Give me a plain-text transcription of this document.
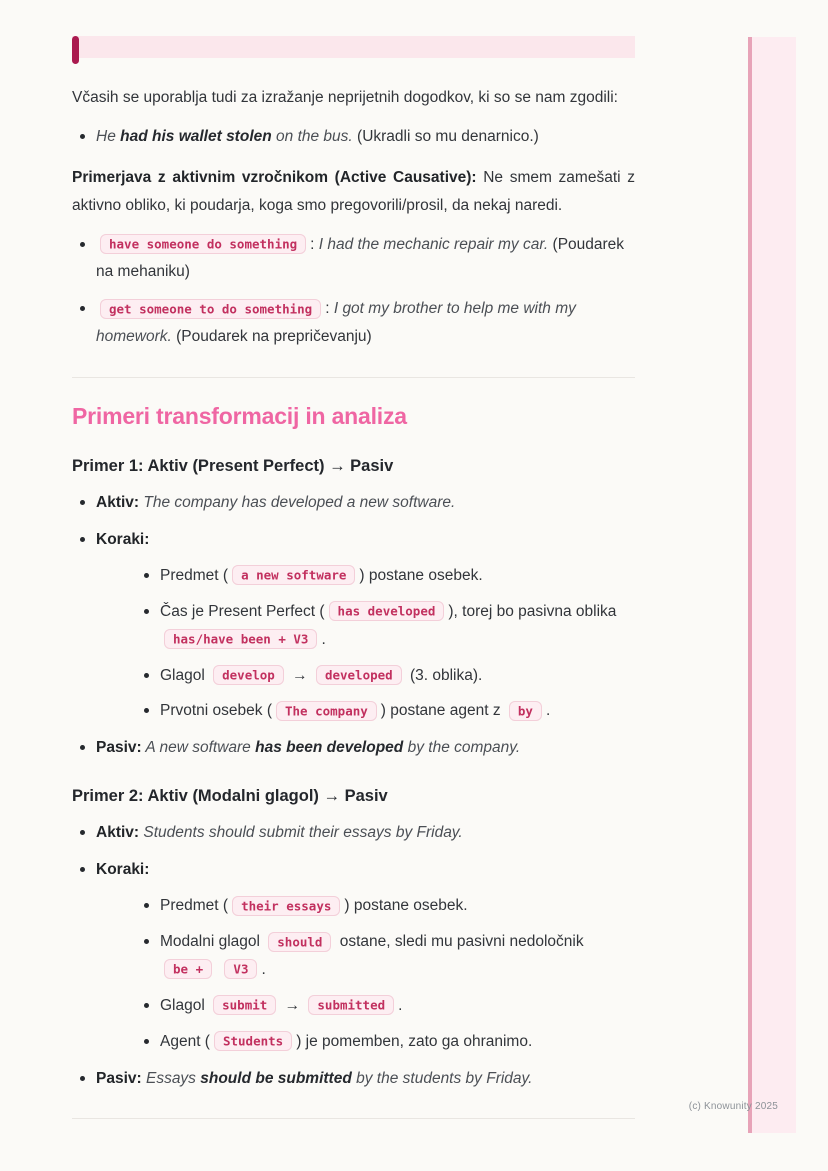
Včasih se uporablja tudi za izražanje neprijetnih dogodkov, ki so se nam zgodili:

He had his wallet stolen on the bus. (Ukradli so mu denarnico.)

Primerjava z aktivnim vzročnikom (Active Causative): Ne smem zamešati z aktivno obliko, ki poudarja, koga smo pregovorili/prosil, da nekaj naredi.

have someone do something : I had the mechanic repair my car. (Poudarek na mehaniku)
get someone to do something : I got my brother to help me with my homework. (Poudarek na prepričevanju)
Primeri transformacij in analiza
Primer 1: Aktiv (Present Perfect) → Pasiv
Aktiv: The company has developed a new software.
Koraki:
Predmet ( a new software ) postane osebek.
Čas je Present Perfect ( has developed ), torej bo pasivna oblika has/have been + V3 .
Glagol develop → developed (3. oblika).
Prvotni osebek ( The company ) postane agent z by .
Pasiv: A new software has been developed by the company.
Primer 2: Aktiv (Modalni glagol) → Pasiv
Aktiv: Students should submit their essays by Friday.
Koraki:
Predmet ( their essays ) postane osebek.
Modalni glagol should ostane, sledi mu pasivni nedoločnik be + V3 .
Glagol submit → submitted .
Agent ( Students ) je pomemben, zato ga ohranimo.
Pasiv: Essays should be submitted by the students by Friday.
(c) Knowunity 2025
